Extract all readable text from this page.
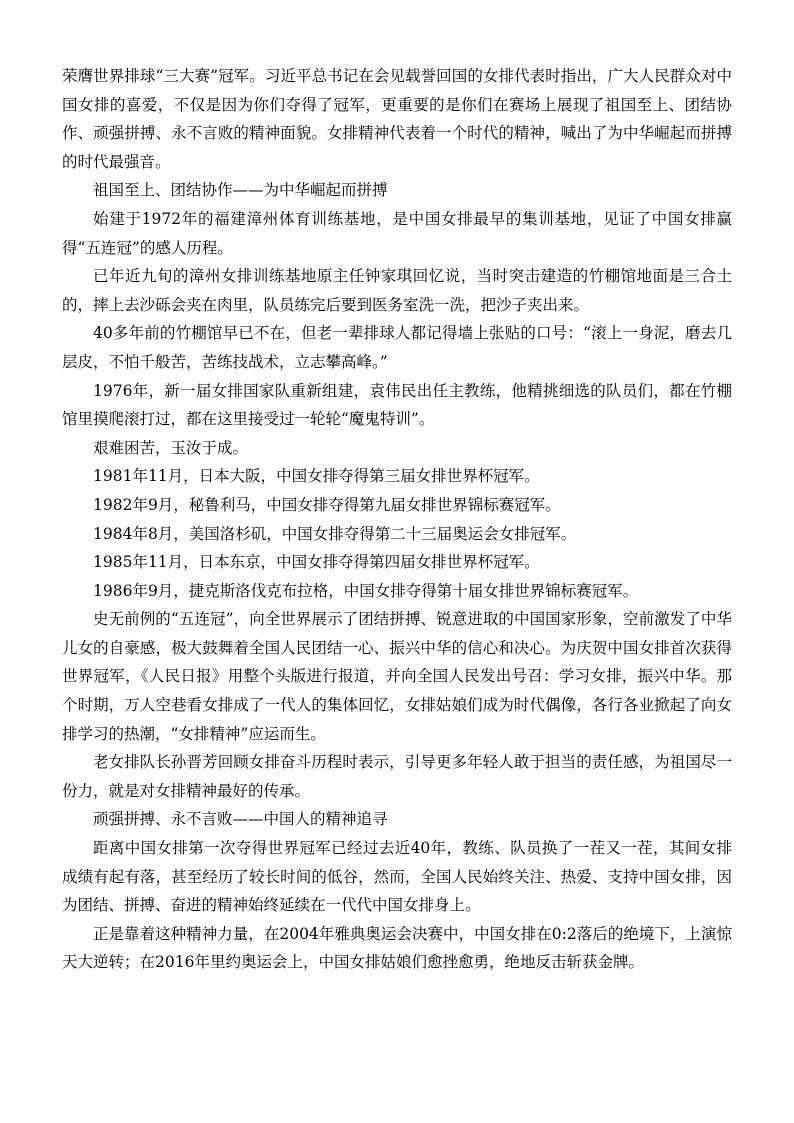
荣膺世界排球“三大赛”冠军。习近平总书记在会见载誉回国的女排代表时指出，广大人民群众对中国女排的喜爱，不仅是因为你们夺得了冠军，更重要的是你们在赛场上展现了祖国至上、团结协作、顽强拼搏、永不言败的精神面貌。女排精神代表着一个时代的精神，喊出了为中华崛起而拼搏的时代最强音。

祖国至上、团结协作——为中华崛起而拼搏

始建于1972年的福建漳州体育训练基地，是中国女排最早的集训基地，见证了中国女排赢得“五连冠”的感人历程。

已年近九旬的漳州女排训练基地原主任钟家琪回忆说，当时突击建造的竹棚馆地面是三合土的，摔上去沙砾会夹在肉里，队员练完后要到医务室洗一洗，把沙子夹出来。

40多年前的竹棚馆早已不在，但老一辈排球人都记得墙上张贴的口号：“滚上一身泥，磨去几层皮，不怕千般苦，苦练技战术，立志攀高峰。”

1976年，新一届女排国家队重新组建，袁伟民出任主教练，他精挑细选的队员们，都在竹棚馆里摸爬滚打过，都在这里接受过一轮轮“魔鬼特训”。

艰难困苦，玉汝于成。

1981年11月，日本大阪，中国女排夺得第三届女排世界杯冠军。

1982年9月，秘鲁利马，中国女排夺得第九届女排世界锦标赛冠军。

1984年8月，美国洛杉矶，中国女排夺得第二十三届奥运会女排冠军。

1985年11月，日本东京，中国女排夺得第四届女排世界杯冠军。

1986年9月，捷克斯洛伐克布拉格，中国女排夺得第十届女排世界锦标赛冠军。

史无前例的“五连冠”，向全世界展示了团结拼搏、锐意进取的中国国家形象，空前激发了中华儿女的自豪感，极大鼓舞着全国人民团结一心、振兴中华的信心和决心。为庆贺中国女排首次获得世界冠军，《人民日报》用整个头版进行报道，并向全国人民发出号召：学习女排，振兴中华。那个时期，万人空巷看女排成了一代人的集体回忆，女排姑娘们成为时代偶像，各行各业掀起了向女排学习的热潮，“女排精神”应运而生。

老女排队长孙晋芳回顾女排奋斗历程时表示，引导更多年轻人敢于担当的责任感，为祖国尽一份力，就是对女排精神最好的传承。

顽强拼搏、永不言败——中国人的精神追寻

距离中国女排第一次夺得世界冠军已经过去近40年，教练、队员换了一茬又一茬，其间女排成绩有起有落，甚至经历了较长时间的低谷，然而，全国人民始终关注、热爱、支持中国女排，因为团结、拼搏、奋进的精神始终延续在一代代中国女排身上。

正是靠着这种精神力量，在2004年雅典奥运会决赛中，中国女排在0:2落后的绝境下，上演惊天大逆转；在2016年里约奥运会上，中国女排姑娘们愈挫愈勇，绝地反击斩获金牌。
